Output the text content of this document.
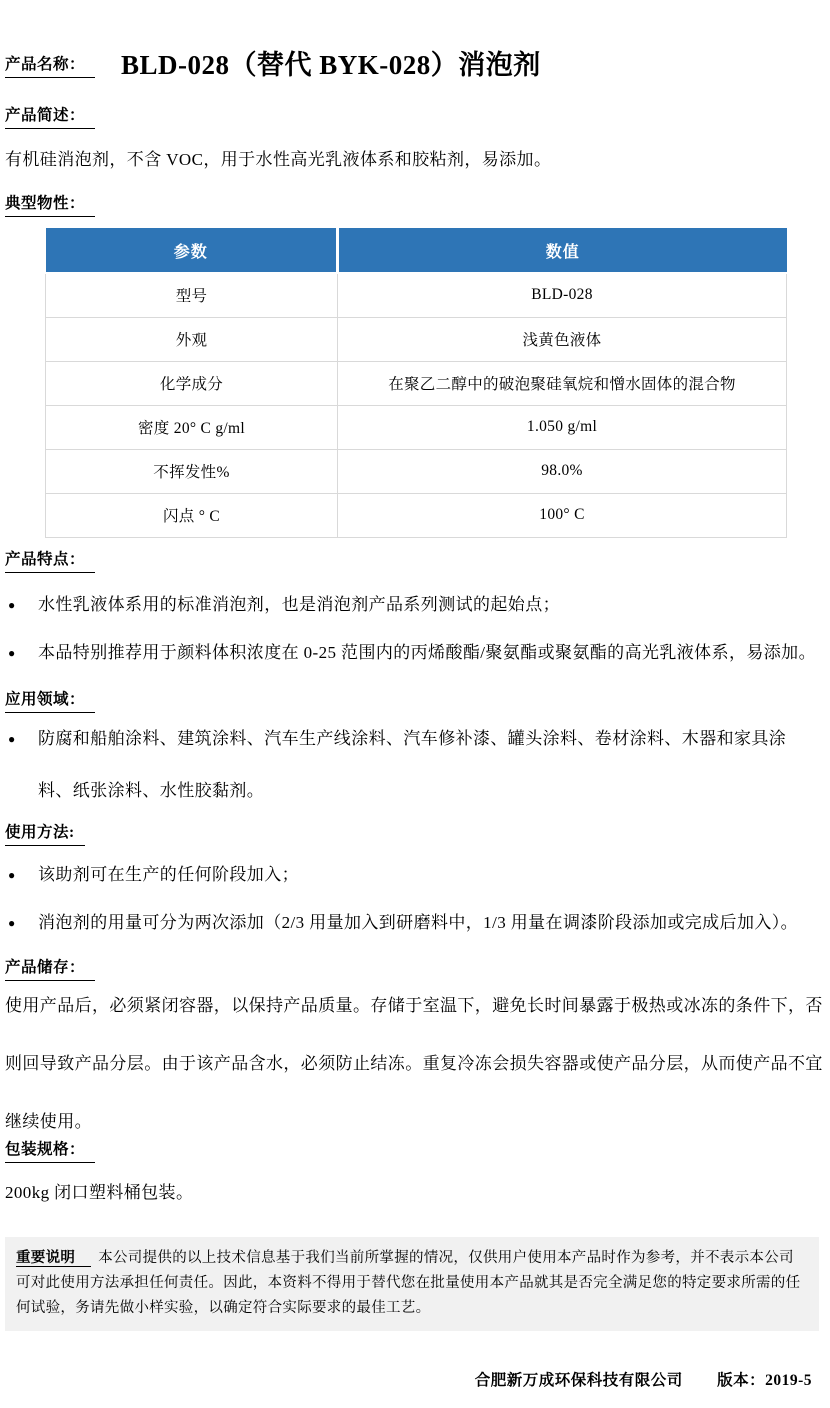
产品名称：	BLD-028（替代 BYK-028）消泡剂
产品简述：
有机硅消泡剂，不含 VOC，用于水性高光乳液体系和胶粘剂，易添加。
典型物性：
参数	数值
型号	BLD-028
外观	浅黄色液体
化学成分	在聚乙二醇中的破泡聚硅氧烷和憎水固体的混合物
密度 20° C g/ml	1.050 g/ml
不挥发性%	98.0%
闪点 ° C	100° C
产品特点：
●	水性乳液体系用的标准消泡剂，也是消泡剂产品系列测试的起始点；
●	本品特别推荐用于颜料体积浓度在 0-25 范围内的丙烯酸酯/聚氨酯或聚氨酯的高光乳液体系，易添加。
应用领域：
●	防腐和船舶涂料、建筑涂料、汽车生产线涂料、汽车修补漆、罐头涂料、卷材涂料、木器和家具涂料、纸张涂料、水性胶黏剂。
使用方法:
●	该助剂可在生产的任何阶段加入；
●	消泡剂的用量可分为两次添加（2/3 用量加入到研磨料中，1/3 用量在调漆阶段添加或完成后加入）。
产品储存：
使用产品后，必须紧闭容器，以保持产品质量。存储于室温下，避免长时间暴露于极热或冰冻的条件下，否则回导致产品分层。由于该产品含水，必须防止结冻。重复冷冻会损失容器或使产品分层，从而使产品不宜继续使用。
包装规格：
200kg 闭口塑料桶包装。
重要说明 本公司提供的以上技术信息基于我们当前所掌握的情况，仅供用户使用本产品时作为参考，并不表示本公司可对此使用方法承担任何责任。因此，本资料不得用于替代您在批量使用本产品就其是否完全满足您的特定要求所需的任何试验，务请先做小样实验，以确定符合实际要求的最佳工艺。
合肥新万成环保科技有限公司 版本：2019-5
